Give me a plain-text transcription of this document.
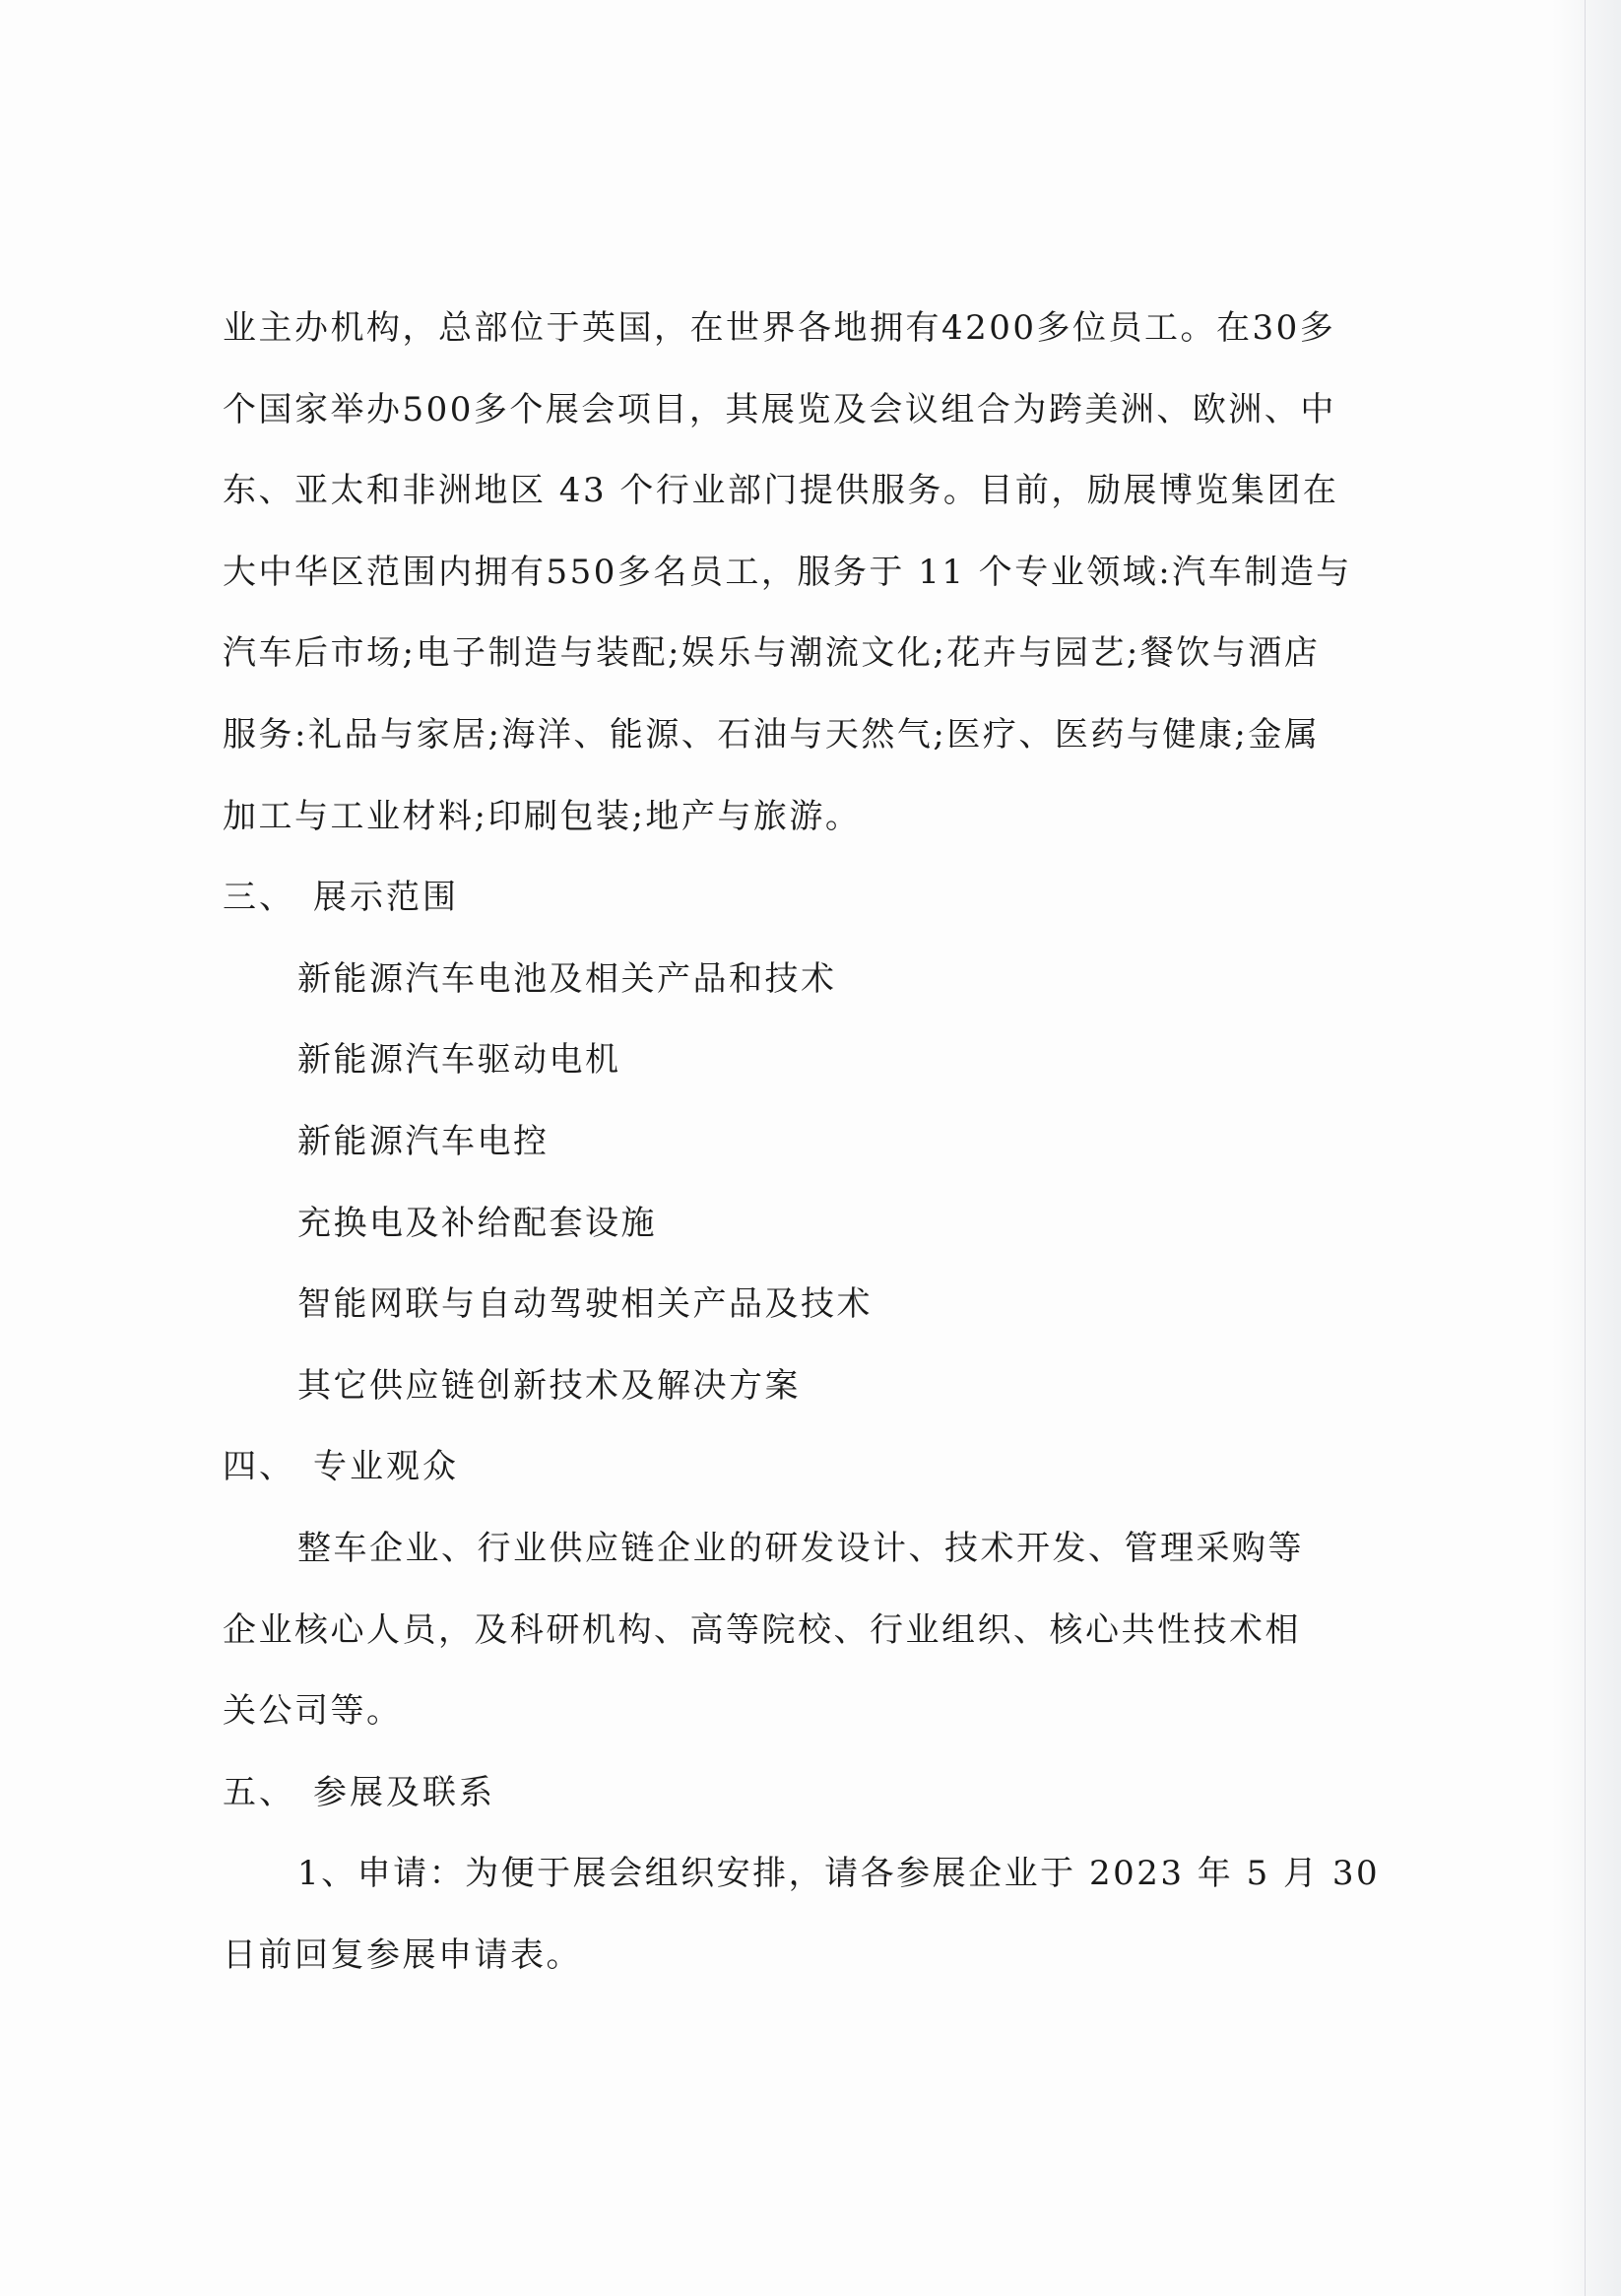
业主办机构，总部位于英国，在世界各地拥有4200多位员工。在30多
个国家举办500多个展会项目，其展览及会议组合为跨美洲、欧洲、中
东、亚太和非洲地区 43 个行业部门提供服务。目前，励展博览集团在
大中华区范围内拥有550多名员工，服务于 11 个专业领域:汽车制造与
汽车后市场;电子制造与装配;娱乐与潮流文化;花卉与园艺;餐饮与酒店
服务:礼品与家居;海洋、能源、石油与天然气;医疗、医药与健康;金属
加工与工业材料;印刷包装;地产与旅游。
三、 展示范围
新能源汽车电池及相关产品和技术
新能源汽车驱动电机
新能源汽车电控
充换电及补给配套设施
智能网联与自动驾驶相关产品及技术
其它供应链创新技术及解决方案
四、 专业观众
整车企业、行业供应链企业的研发设计、技术开发、管理采购等
企业核心人员，及科研机构、高等院校、行业组织、核心共性技术相
关公司等。
五、 参展及联系
1、申请：为便于展会组织安排，请各参展企业于 2023 年 5 月 30
日前回复参展申请表。
